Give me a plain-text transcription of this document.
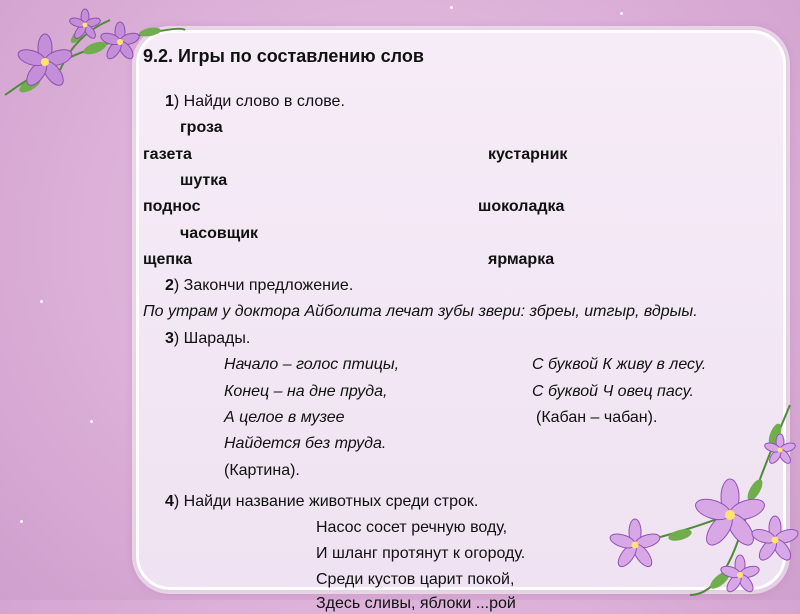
9.2. Игры по составлению слов
1) Найди слово в слове.
гроза
газета	кустарник
шутка
поднос	шоколадка
часовщик
щепка	ярмарка
2) Закончи предложение.
По утрам у доктора Айболита лечат зубы звери: збреы, итгыр, вдрыы.
3) Шарады.
Начало – голос птицы,
Конец – на дне пруда,
А целое в музее
Найдется без труда.
(Картина).
С буквой К живу в лесу.
С буквой Ч овец пасу.
(Кабан – чабан).
4) Найди название животных среди строк.
Насос сосет речную воду,
И шланг протянут к огороду.
Среди кустов царит покой,
Здесь сливы, яблоки ...рой
